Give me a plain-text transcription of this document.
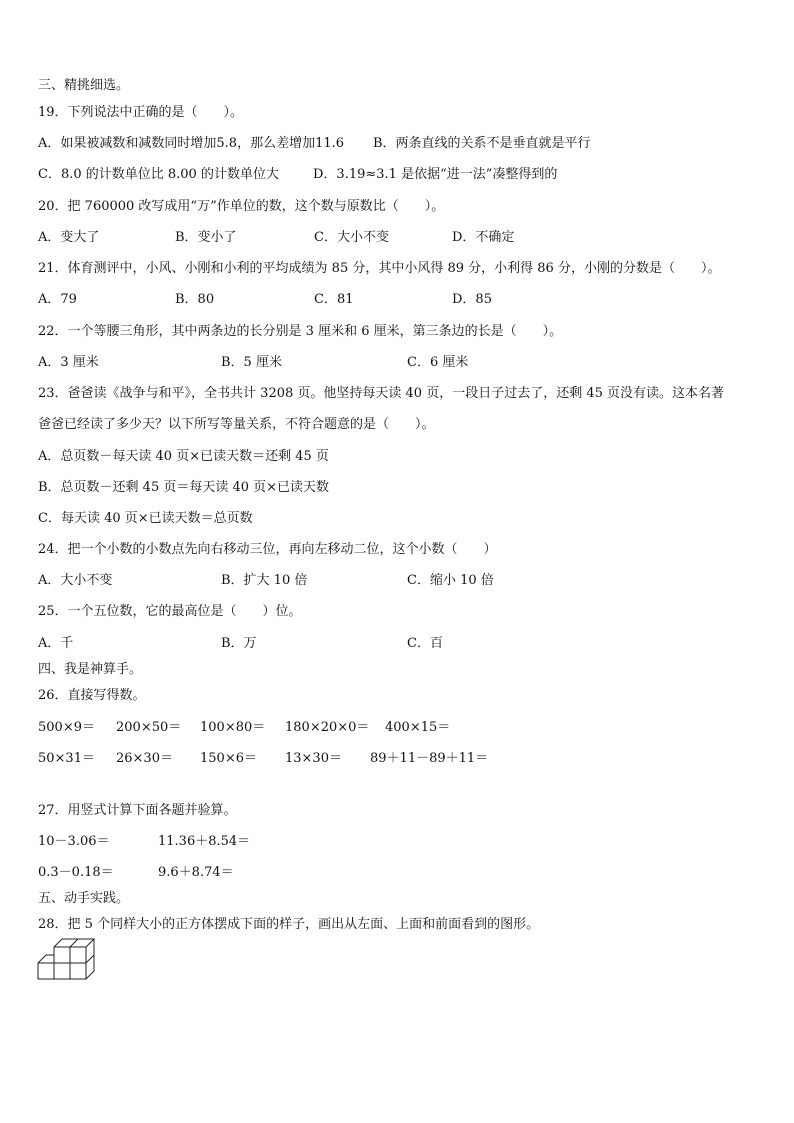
三、精挑细选。
19．下列说法中正确的是（　　）。
A．如果被减数和减数同时增加5.8，那么差增加11.6 B．两条直线的关系不是垂直就是平行
C．8.0 的计数单位比 8.00 的计数单位大	D．3.19≈3.1 是依据“进一法”凑整得到的
20．把 760000 改写成用“万”作单位的数，这个数与原数比（　　）。
A．变大了	B．变小了	C．大小不变	D．不确定
21．体育测评中，小风、小刚和小利的平均成绩为 85 分，其中小风得 89 分，小利得 86 分，小刚的分数是（　　）。
A．79	B．80	C．81	D．85
22．一个等腰三角形，其中两条边的长分别是 3 厘米和 6 厘米，第三条边的长是（　　）。
A．3 厘米	B．5 厘米	C．6 厘米
23．爸爸读《战争与和平》，全书共计 3208 页。他坚持每天读 40 页，一段日子过去了，还剩 45 页没有读。这本名著
爸爸已经读了多少天？以下所写等量关系，不符合题意的是（　　）。
A．总页数－每天读 40 页×已读天数＝还剩 45 页
B．总页数－还剩 45 页＝每天读 40 页×已读天数
C．每天读 40 页×已读天数＝总页数
24．把一个小数的小数点先向右移动三位，再向左移动二位，这个小数（　　）
A．大小不变	B．扩大 10 倍	C．缩小 10 倍
25．一个五位数，它的最高位是（　　）位。
A．千	B．万	C．百
四、我是神算手。
26．直接写得数。
500×9＝ 200×50＝ 100×80＝ 180×20×0＝ 400×15＝
50×31＝ 26×30＝ 150×6＝ 13×30＝ 89＋11－89＋11＝
27．用竖式计算下面各题并验算。
10－3.06＝	11.36＋8.54＝
0.3－0.18＝	9.6＋8.74＝
五、动手实践。
28．把 5 个同样大小的正方体摆成下面的样子，画出从左面、上面和前面看到的图形。
